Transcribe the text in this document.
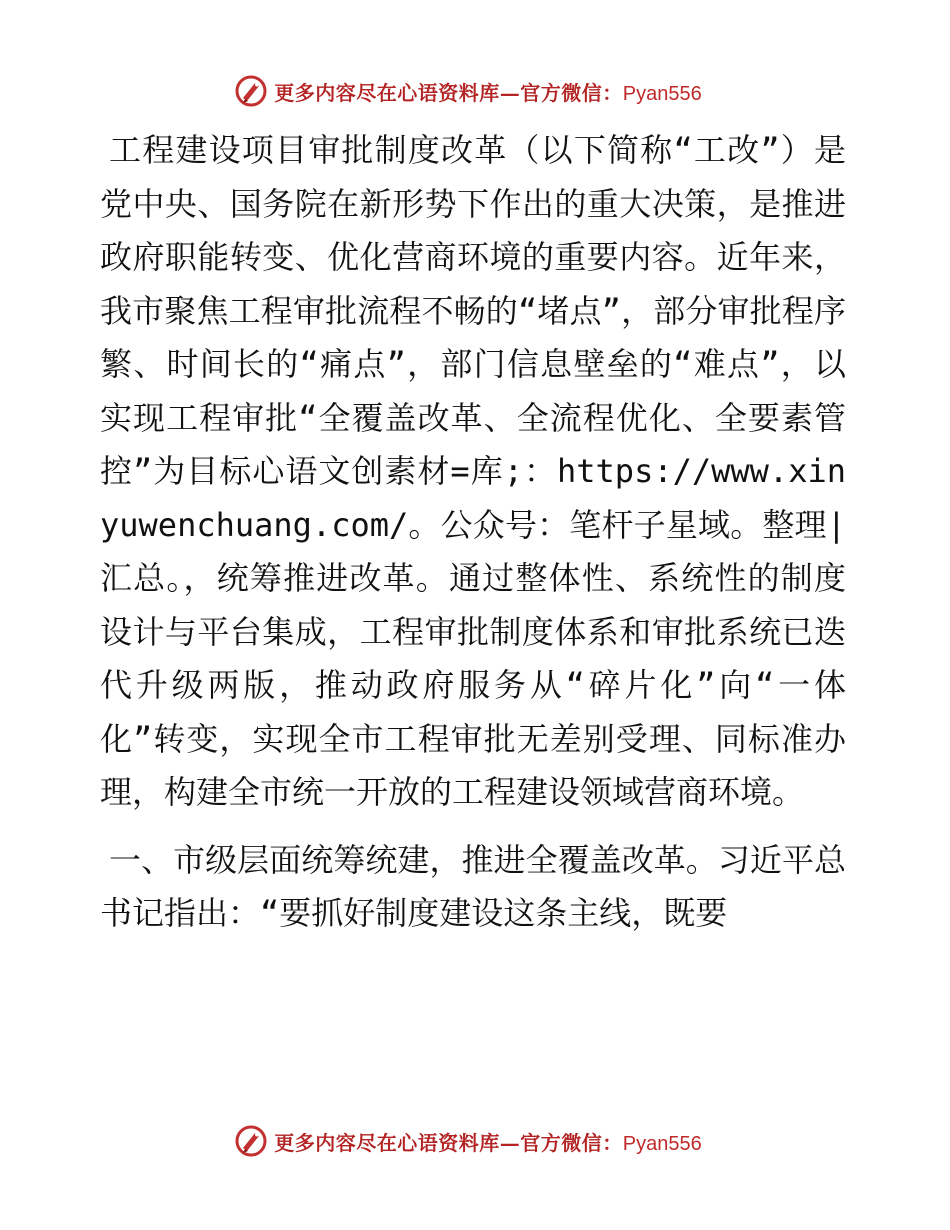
更多内容尽在心语资料库—官方微信：Pyan556

工程建设项目审批制度改革（以下简称“工改”）是党中央、国务院在新形势下作出的重大决策，是推进政府职能转变、优化营商环境的重要内容。近年来，我市聚焦工程审批流程不畅的“堵点”，部分审批程序繁、时间长的“痛点”，部门信息壁垒的“难点”，以实现工程审批“全覆盖改革、全流程优化、全要素管控”为目标心语文创素材=库;：https://www.xinyuwenchuang.com/。公众号：笔杆子星域。整理|汇总。，统筹推进改革。通过整体性、系统性的制度设计与平台集成，工程审批制度体系和审批系统已迭代升级两版，推动政府服务从“碎片化”向“一体化”转变，实现全市工程审批无差别受理、同标准办理，构建全市统一开放的工程建设领域营商环境。

一、市级层面统筹统建，推进全覆盖改革。习近平总书记指出：“要抓好制度建设这条主线，既要

更多内容尽在心语资料库—官方微信：Pyan556
